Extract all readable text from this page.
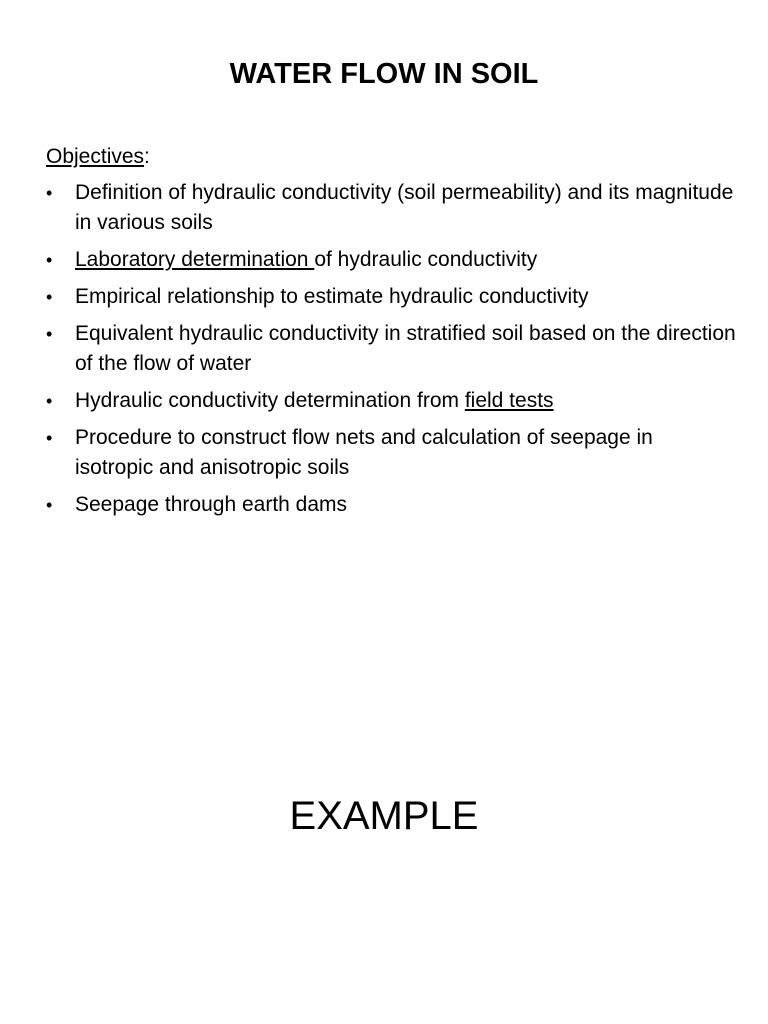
WATER FLOW IN SOIL
Objectives:
• Definition of hydraulic conductivity (soil permeability) and its magnitude in various soils
• Laboratory determination of hydraulic conductivity
• Empirical relationship to estimate hydraulic conductivity
• Equivalent hydraulic conductivity in stratified soil based on the direction of the flow of water
• Hydraulic conductivity determination from field tests
• Procedure to construct flow nets and calculation of seepage in isotropic and anisotropic soils
• Seepage through earth dams
EXAMPLE
